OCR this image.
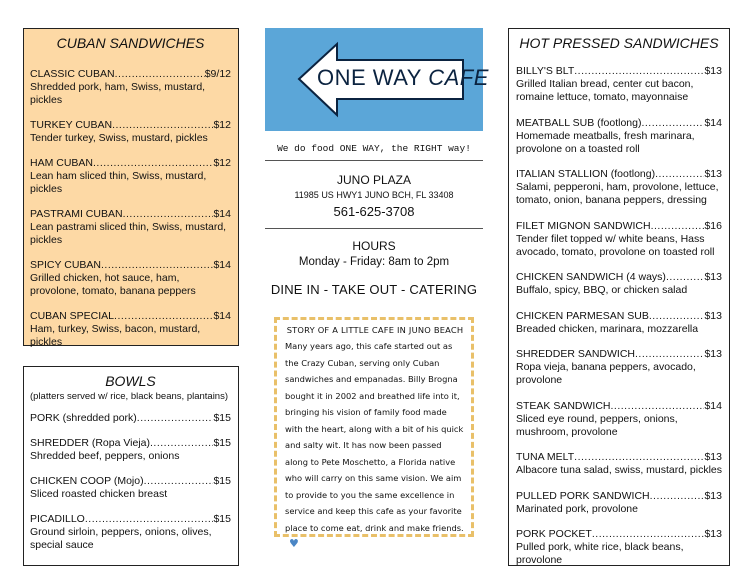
CUBAN SANDWICHES
CLASSIC CUBAN .....	$9/12
Shredded pork, ham, Swiss, mustard, pickles
TURKEY CUBAN .....	$12
Tender turkey, Swiss, mustard, pickles
HAM CUBAN .....	$12
Lean ham sliced thin, Swiss, mustard, pickles
PASTRAMI CUBAN .....	$14
Lean pastrami sliced thin, Swiss, mustard, pickles
SPICY CUBAN .....	$14
Grilled chicken, hot sauce, ham, provolone, tomato, banana peppers
CUBAN SPECIAL .....	$14
Ham, turkey, Swiss, bacon, mustard, pickles
BOWLS
(platters served w/ rice, black beans, plantains)
PORK (shredded pork) .....	$15
SHREDDER (Ropa Vieja) .....	$15
Shredded beef, peppers, onions
CHICKEN COOP (Mojo) .....	$15
Sliced roasted chicken breast
PICADILLO .....	$15
Ground sirloin, peppers, onions, olives, special sauce
ONE WAY CAFE
We do food ONE WAY, the RIGHT way!
JUNO PLAZA
11985 US HWY1 JUNO BCH, FL 33408
561-625-3708
HOURS
Monday - Friday: 8am to 2pm
DINE IN - TAKE OUT - CATERING
STORY OF A LITTLE CAFE IN JUNO BEACH
Many years ago, this cafe started out as the Crazy Cuban, serving only Cuban sandwiches and empanadas. Billy Brogna bought it in 2002 and breathed life into it, bringing his vision of family food made with the heart, along with a bit of his quick and salty wit. It has now been passed along to Pete Moschetto, a Florida native who will carry on this same vision. We aim to provide to you the same excellence in service and keep this cafe as your favorite place to come eat, drink and make friends.♥
HOT PRESSED SANDWICHES
BILLY'S BLT .....	$13
Grilled Italian bread, center cut bacon, romaine lettuce, tomato, mayonnaise
MEATBALL SUB (footlong) .....	$14
Homemade meatballs, fresh marinara, provolone on a toasted roll
ITALIAN STALLION (footlong) .....	$13
Salami, pepperoni, ham, provolone, lettuce, tomato, onion, banana peppers, dressing
FILET MIGNON SANDWICH .....	$16
Tender filet topped w/ white beans, Hass avocado, tomato, provolone on toasted roll
CHICKEN SANDWICH (4 ways) .....	$13
Buffalo, spicy, BBQ, or chicken salad
CHICKEN PARMESAN SUB .....	$13
Breaded chicken, marinara, mozzarella
SHREDDER SANDWICH .....	$13
Ropa vieja, banana peppers, avocado, provolone
STEAK SANDWICH .....	$14
Sliced eye round, peppers, onions, mushroom, provolone
TUNA MELT .....	$13
Albacore tuna salad, swiss, mustard, pickles
PULLED PORK SANDWICH .....	$13
Marinated pork, provolone
PORK POCKET .....	$13
Pulled pork, white rice, black beans, provolone
